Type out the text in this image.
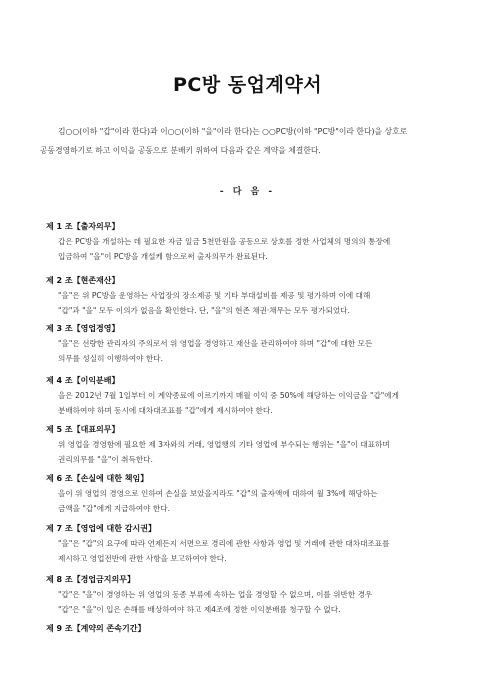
PC방 동업계약서
김○○(이하 "갑"이라 한다)과 이○○(이하 "을"이라 한다)는 ○○PC방(이하 "PC방"이라 한다)을 상호로
공동경영하기로 하고 이익을 공동으로 분배키 위하여 다음과 같은 계약을 체결한다.
- 다 음 -
제 1 조【출자의무】
갑은 PC방을 개설하는 데 필요한 자금 일금 5천만원을 공동으로 상호를 정한 사업체의 명의의 통장에
입금하여 "을"이 PC방을 개설케 함으로써 출자의무가 완료된다.
제 2 조【현존재산】
"을"은 위 PC방을 운영하는 사업장의 장소제공 및 기타 부대설비를 제공 및 평가하며 이에 대해
"갑"과 "을" 모두 이의가 없음을 확인한다. 단, "을"의 현존 채권·채무는 모두 평가되었다.
제 3 조【영업경영】
"을"은 선량한 관리자의 주의로서 위 영업을 경영하고 재산을 관리하여야 하며 "갑"에 대한 모든
의무를 성실히 이행하여야 한다.
제 4 조【이익분배】
을은 2012년 7월 1일부터 이 계약종료에 이르기까지 매월 이익 중 50%에 해당하는 이익금을 "갑"에게
분배하여야 하며 동시에 대차대조표를 "갑"에게 제시하여야 한다.
제 5 조【대표의무】
위 영업을 경영함에 필요한 제 3자와의 거래, 영업행의 기타 영업에 부수되는 행위는 "을"이 대표하며
권리의무를 "을"이 취득한다.
제 6 조【손실에 대한 책임】
을이 위 영업의 경영으로 인하여 손실을 보았을지라도 "갑"의 출자액에 대하여 월 3%에 해당하는
금액을 "갑"에게 지급하여야 한다.
제 7 조【영업에 대한 감시권】
"을"은 "갑"의 요구에 따라 언제든지 서면으로 경리에 관한 사항과 영업 및 거래에 관한 대차대조표를
제시하고 영업전반에 관한 사항을 보고하여야 한다.
제 8 조【경업금지의무】
"갑"은 "을"이 경영하는 위 영업의 동종 부류에 속하는 업을 경영할 수 없으며, 이를 위반한 경우
"갑"은 "을"이 입은 손해를 배상하여야 하고 제4조에 정한 이익분배를 청구할 수 없다.
제 9 조【계약의 존속기간】
